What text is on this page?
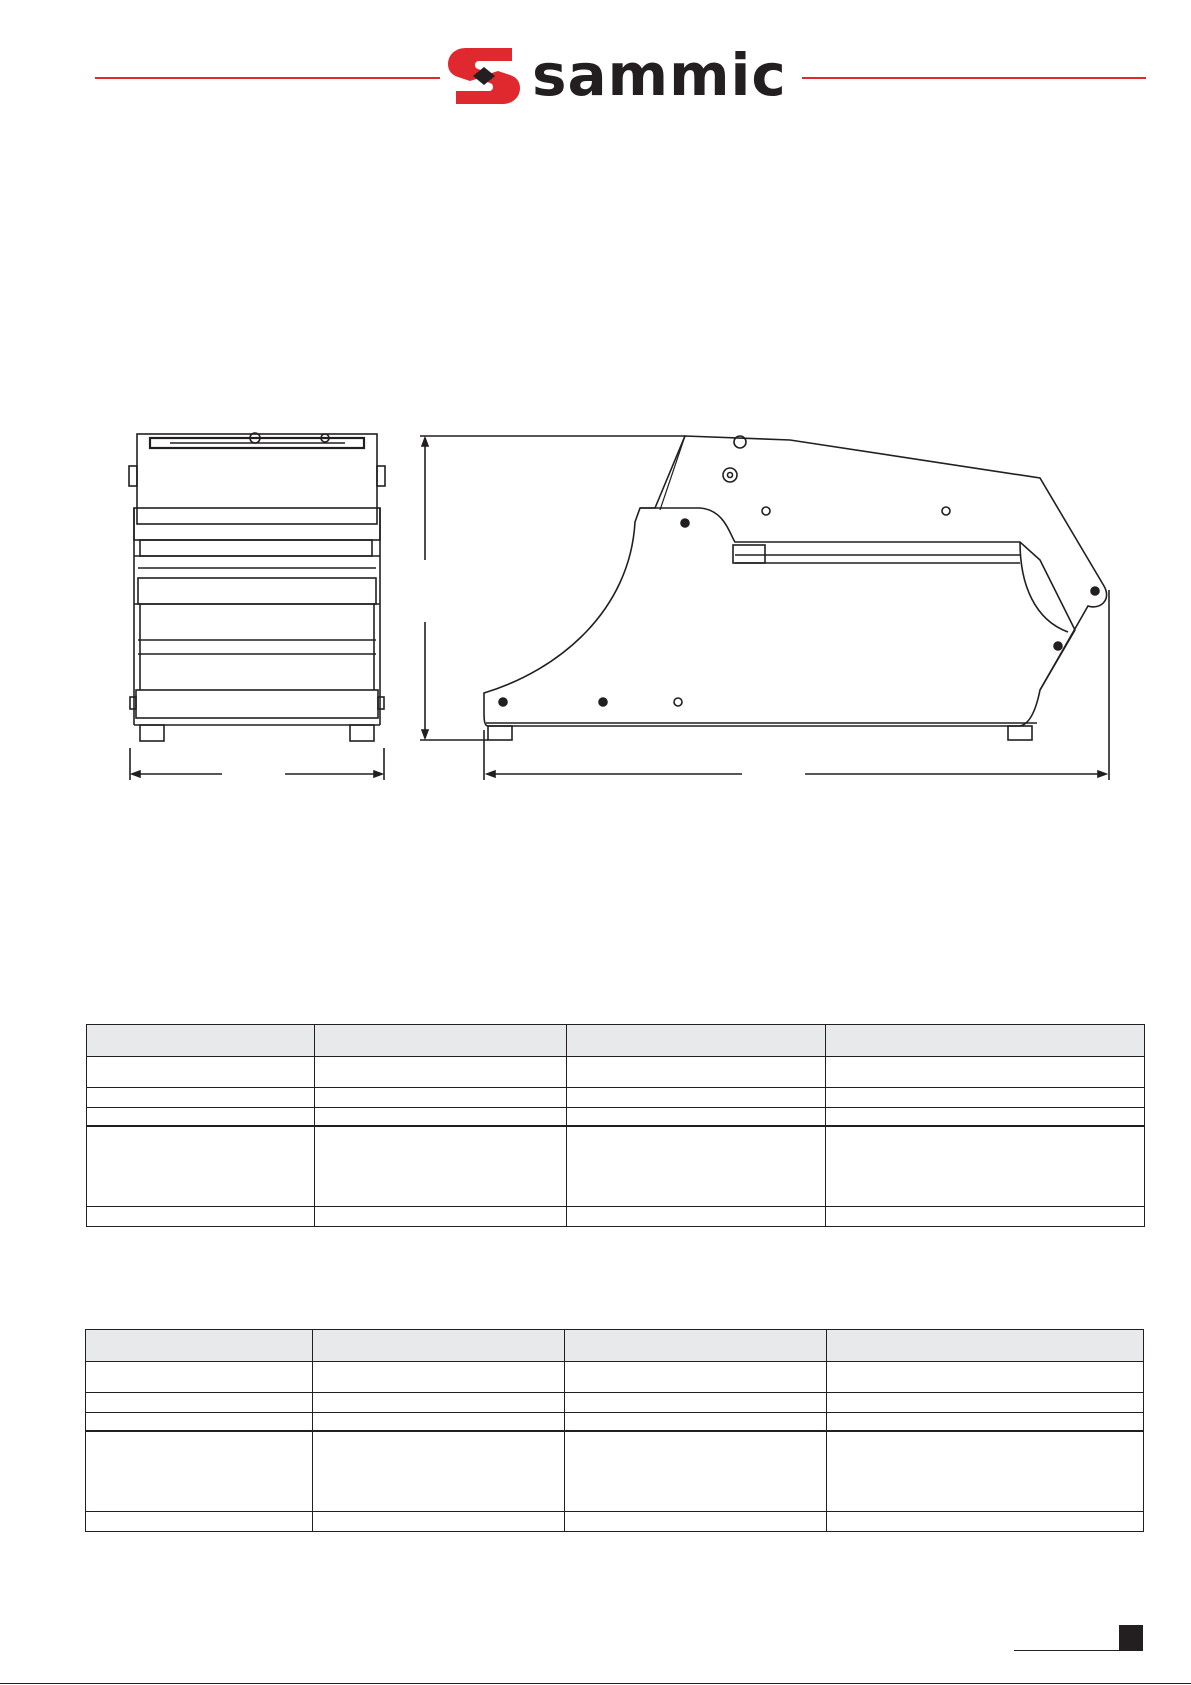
sammic
